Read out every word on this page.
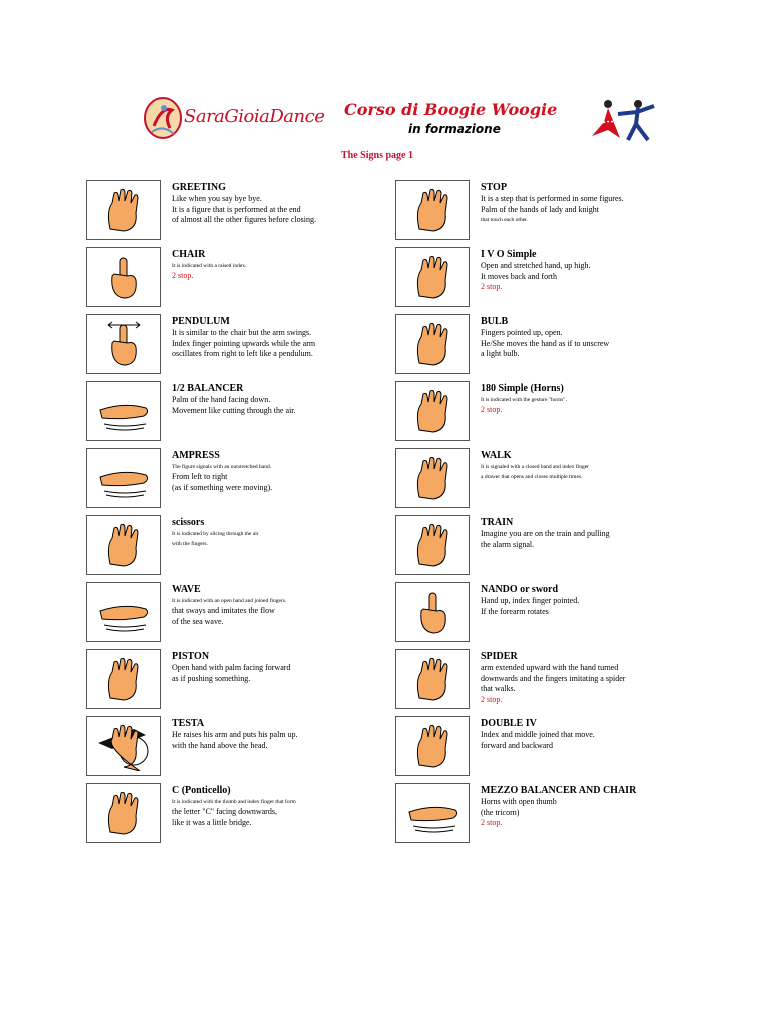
SaraGioiaDance Corso di Boogie Woogie
in formazione
The Signs page 1
GREETING
Like when you say bye bye.
It is a figure that is performed at the end
of almost all the other figures before closing.
CHAIR
It is indicated with a raised index.
2 stop.
PENDULUM
It is similar to the chair but the arm swings.
Index finger pointing upwards while the arm
oscillates from right to left like a pendulum.
1/2 BALANCER
Palm of the hand facing down.
Movement like cutting through the air.
AMPRESS
The figure signals with an outstretched hand.
From left to right
(as if something were moving).
scissors
It is indicated by slicing through the air
with the fingers.
WAVE
It is indicated with an open hand and joined fingers.
that sways and imitates the flow
of the sea wave.
PISTON
Open hand with palm facing forward
as if pushing something.
TESTA
He raises his arm and puts his palm up.
with the hand above the head.
C (Ponticello)
It is indicated with the thumb and index finger that form
the letter "C" facing downwards,
like it was a little bridge.
STOP
It is a step that is performed in some figures.
Palm of the hands of lady and knight
that touch each other.
I V O Simple
Open and stretched hand, up high.
It moves back and forth
2 stop.
BULB
Fingers pointed up, open.
He/She moves the hand as if to unscrew
a light bulb.
180 Simple (Horns)
It is indicated with the gesture "horns".
2 stop.
WALK
It is signaled with a closed hand and index finger
a drawer that opens and closes multiple times.
TRAIN
Imagine you are on the train and pulling
the alarm signal.
NANDO or sword
Hand up, index finger pointed.
If the forearm rotates
SPIDER
arm extended upward with the hand turned
downwards and the fingers imitating a spider
that walks.
2 stop.
DOUBLE IV
Index and middle joined that move.
forward and backward
MEZZO BALANCER AND CHAIR
Horns with open thumb
(the tricorn)
2 stop.
